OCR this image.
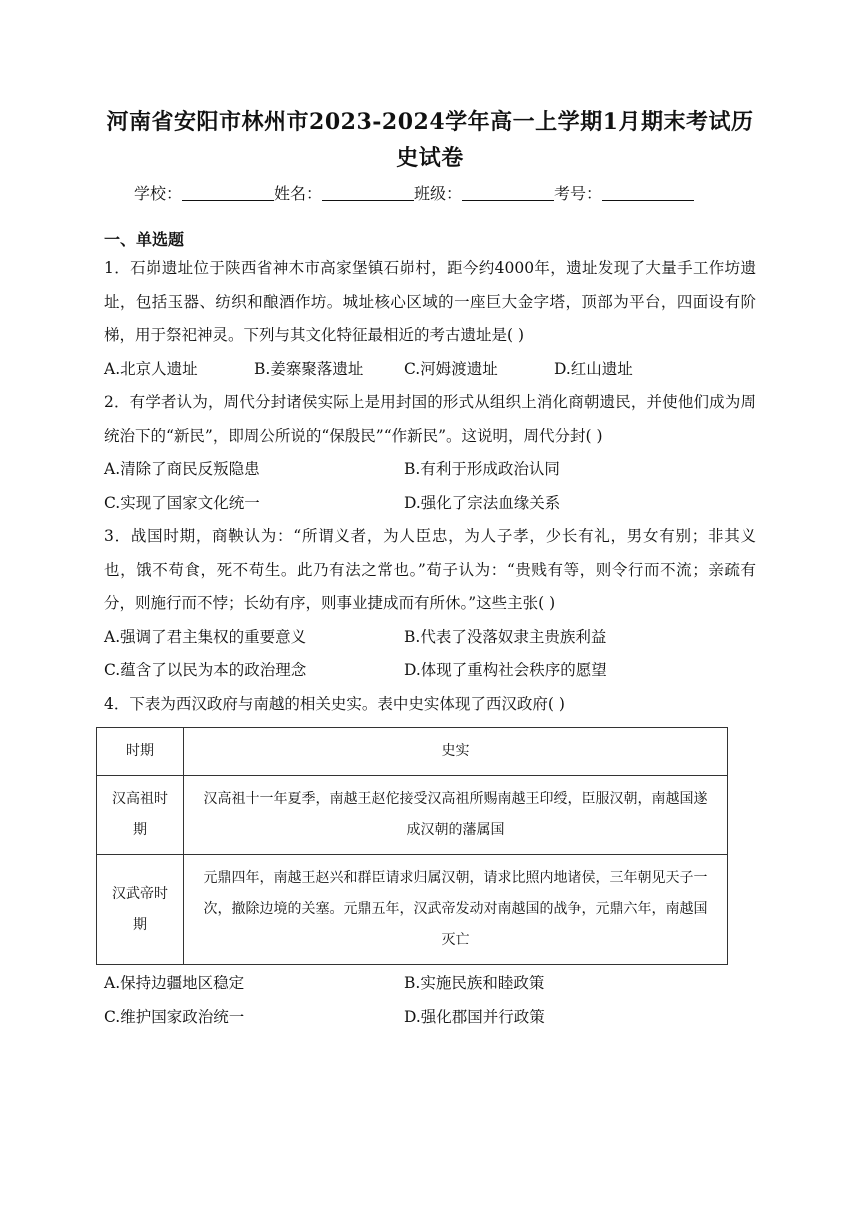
河南省安阳市林州市2023-2024学年高一上学期1月期末考试历史试卷
学校：	姓名：	班级：	考号：
一、单选题
1．石峁遗址位于陕西省神木市高家堡镇石峁村，距今约4000年，遗址发现了大量手工作坊遗址，包括玉器、纺织和酿酒作坊。城址核心区域的一座巨大金字塔，顶部为平台，四面设有阶梯，用于祭祀神灵。下列与其文化特征最相近的考古遗址是( )
A.北京人遗址	B.姜寨聚落遗址	C.河姆渡遗址	D.红山遗址
2．有学者认为，周代分封诸侯实际上是用封国的形式从组织上消化商朝遗民，并使他们成为周统治下的“新民”，即周公所说的“保殷民”“作新民”。这说明，周代分封( )
A.清除了商民反叛隐患	B.有利于形成政治认同
C.实现了国家文化统一	D.强化了宗法血缘关系
3．战国时期，商鞅认为：“所谓义者，为人臣忠，为人子孝，少长有礼，男女有别；非其义也，饿不苟食，死不苟生。此乃有法之常也。”荀子认为：“贵贱有等，则令行而不流；亲疏有分，则施行而不悖；长幼有序，则事业捷成而有所休。”这些主张( )
A.强调了君主集权的重要意义	B.代表了没落奴隶主贵族利益
C.蕴含了以民为本的政治理念	D.体现了重构社会秩序的愿望
4．下表为西汉政府与南越的相关史实。表中史实体现了西汉政府( )
时期	史实
汉高祖时期	汉高祖十一年夏季，南越王赵佗接受汉高祖所赐南越王印绶，臣服汉朝，南越国遂成汉朝的藩属国
汉武帝时期	元鼎四年，南越王赵兴和群臣请求归属汉朝，请求比照内地诸侯，三年朝见天子一次，撤除边境的关塞。元鼎五年，汉武帝发动对南越国的战争，元鼎六年，南越国灭亡
A.保持边疆地区稳定	B.实施民族和睦政策
C.维护国家政治统一	D.强化郡国并行政策
